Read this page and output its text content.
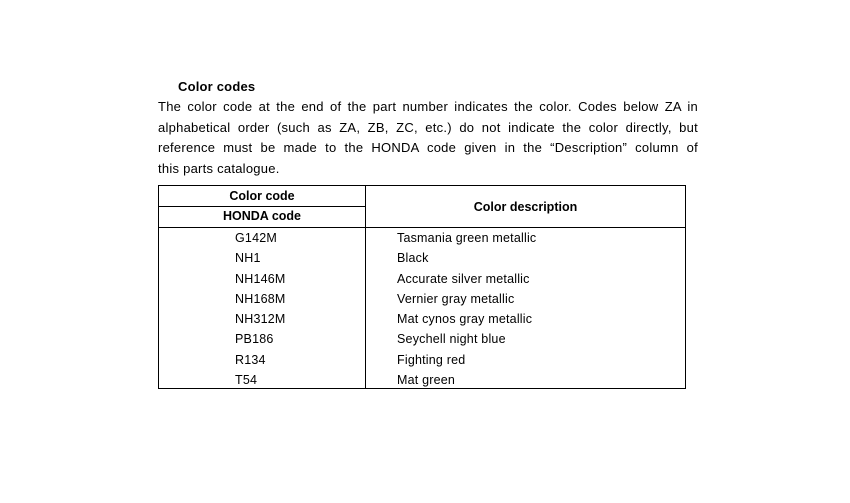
Color codes
The color code at the end of the part number indicates the color. Codes below ZA in
alphabetical order (such as ZA, ZB, ZC, etc.) do not indicate the color directly, but
reference must be made to the HONDA code given in the “Description” column of
this parts catalogue.
Color code
HONDA code
Color description
G142M	Tasmania green metallic
NH1	Black
NH146M	Accurate silver metallic
NH168M	Vernier gray metallic
NH312M	Mat cynos gray metallic
PB186	Seychell night blue
R134	Fighting red
T54	Mat green
